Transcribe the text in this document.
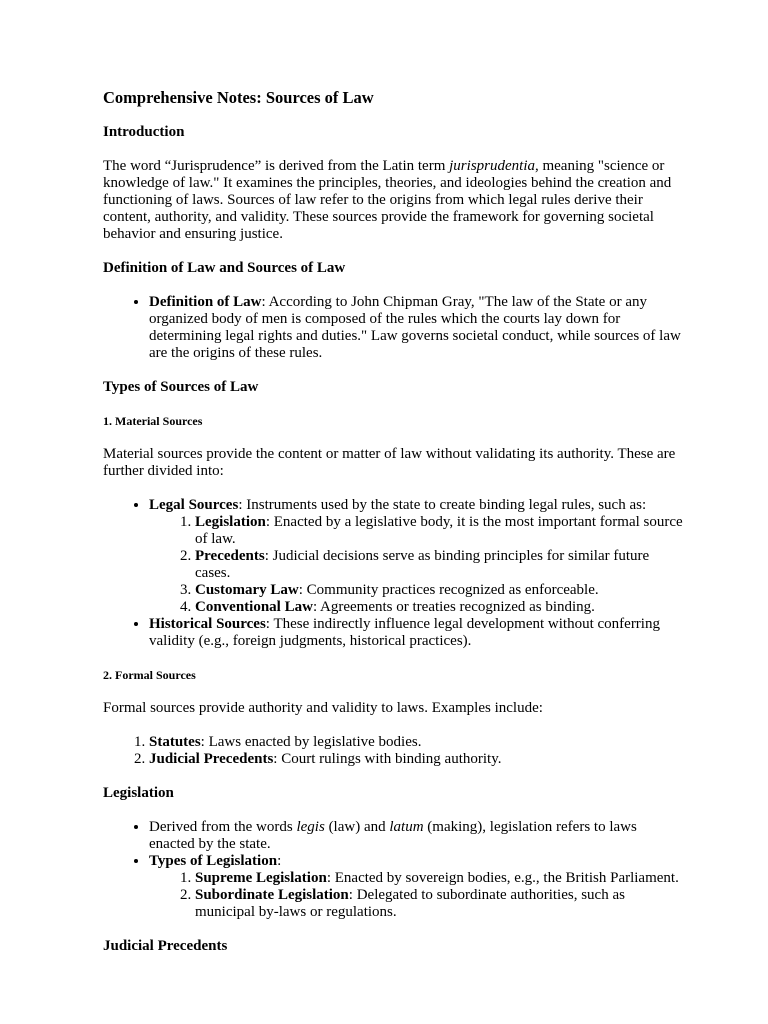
Comprehensive Notes: Sources of Law
Introduction

The word “Jurisprudence” is derived from the Latin term jurisprudentia, meaning "science or knowledge of law." It examines the principles, theories, and ideologies behind the creation and functioning of laws. Sources of law refer to the origins from which legal rules derive their content, authority, and validity. These sources provide the framework for governing societal behavior and ensuring justice.

Definition of Law and Sources of Law
• Definition of Law: According to John Chipman Gray, "The law of the State or any organized body of men is composed of the rules which the courts lay down for determining legal rights and duties." Law governs societal conduct, while sources of law are the origins of these rules.
Types of Sources of Law
1. Material Sources

Material sources provide the content or matter of law without validating its authority. These are further divided into:

• Legal Sources: Instruments used by the state to create binding legal rules, such as:
1. Legislation: Enacted by a legislative body, it is the most important formal source of law.
2. Precedents: Judicial decisions serve as binding principles for similar future cases.
3. Customary Law: Community practices recognized as enforceable.
4. Conventional Law: Agreements or treaties recognized as binding.
• Historical Sources: These indirectly influence legal development without conferring validity (e.g., foreign judgments, historical practices).
2. Formal Sources

Formal sources provide authority and validity to laws. Examples include:

1. Statutes: Laws enacted by legislative bodies.
2. Judicial Precedents: Court rulings with binding authority.
Legislation
• Derived from the words legis (law) and latum (making), legislation refers to laws enacted by the state.
• Types of Legislation:
1. Supreme Legislation: Enacted by sovereign bodies, e.g., the British Parliament.
2. Subordinate Legislation: Delegated to subordinate authorities, such as municipal by-laws or regulations.
Judicial Precedents
